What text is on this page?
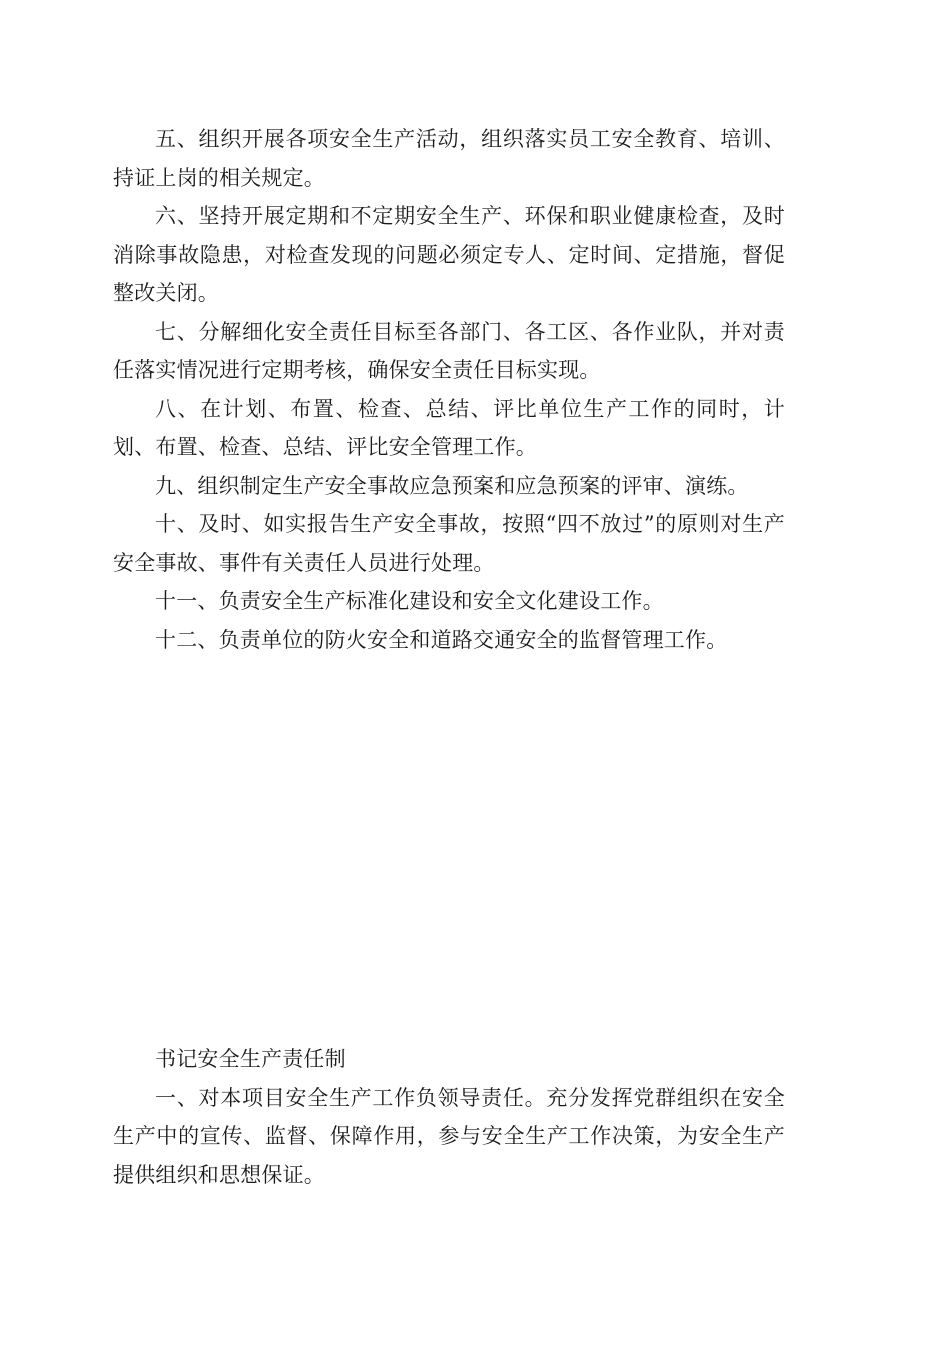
五、组织开展各项安全生产活动，组织落实员工安全教育、培训、持证上岗的相关规定。

六、坚持开展定期和不定期安全生产、环保和职业健康检查，及时消除事故隐患，对检查发现的问题必须定专人、定时间、定措施，督促整改关闭。

七、分解细化安全责任目标至各部门、各工区、各作业队，并对责任落实情况进行定期考核，确保安全责任目标实现。

八、在计划、布置、检查、总结、评比单位生产工作的同时，计划、布置、检查、总结、评比安全管理工作。

九、组织制定生产安全事故应急预案和应急预案的评审、演练。

十、及时、如实报告生产安全事故，按照“四不放过”的原则对生产安全事故、事件有关责任人员进行处理。

十一、负责安全生产标准化建设和安全文化建设工作。

十二、负责单位的防火安全和道路交通安全的监督管理工作。

书记安全生产责任制

一、对本项目安全生产工作负领导责任。充分发挥党群组织在安全生产中的宣传、监督、保障作用，参与安全生产工作决策，为安全生产提供组织和思想保证。
